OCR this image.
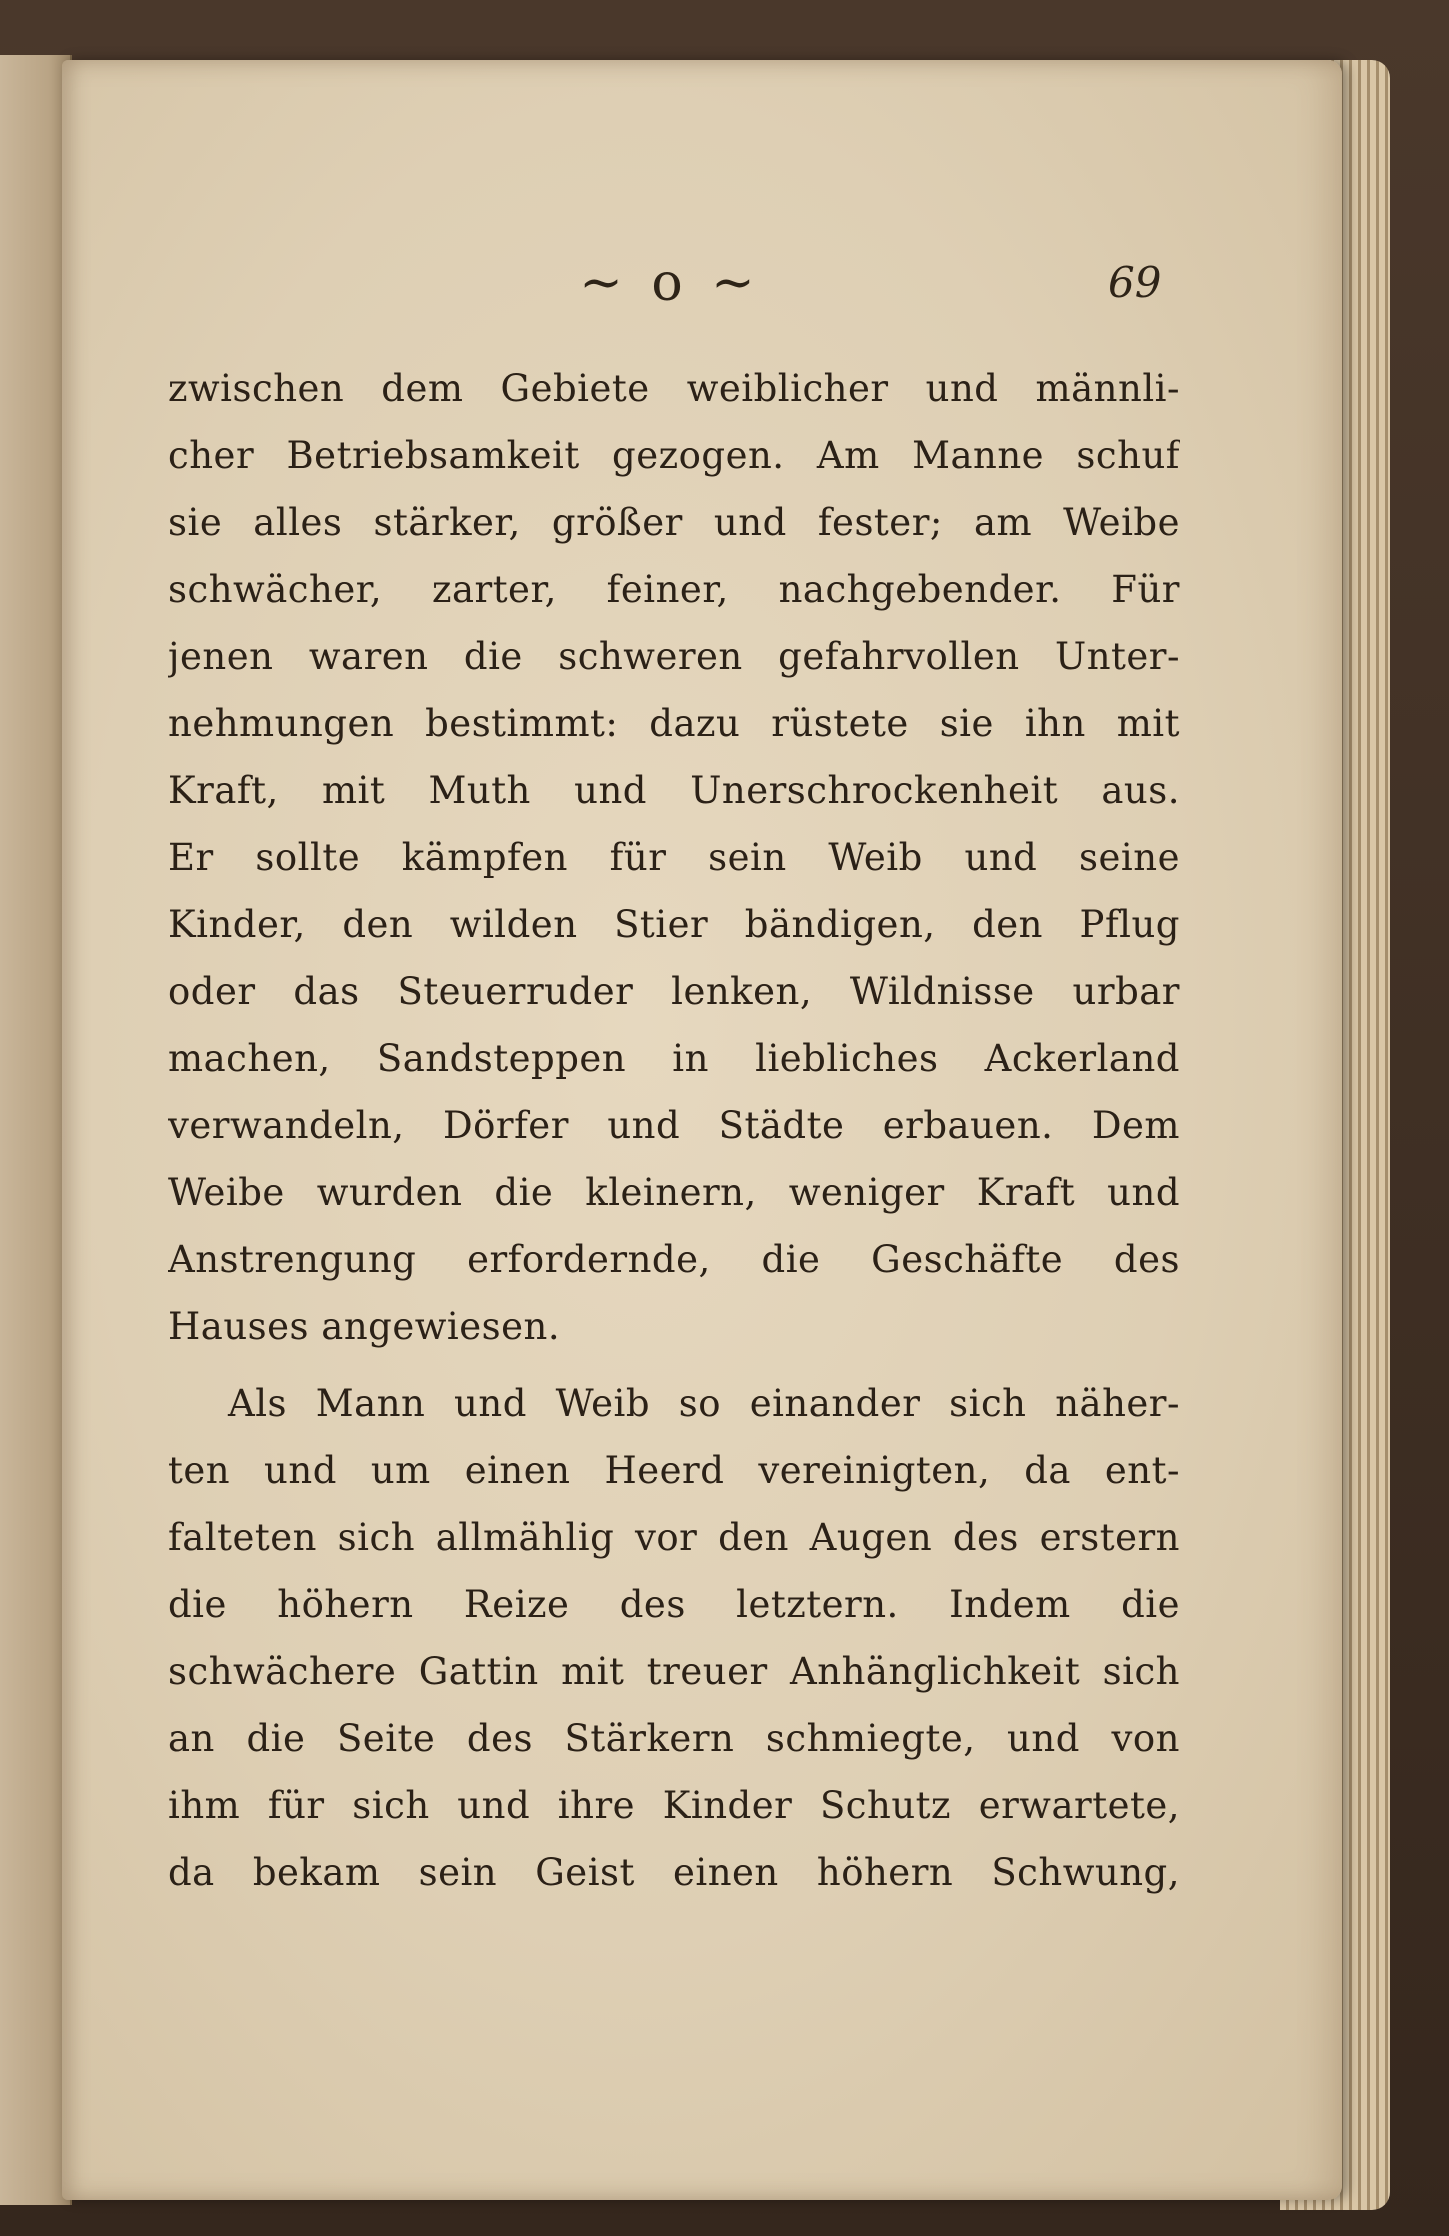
~ o ~	69
zwischen dem Gebiete weiblicher und männli-
cher Betriebsamkeit gezogen. Am Manne schuf
sie alles stärker, größer und fester; am Weibe
schwächer, zarter, feiner, nachgebender. Für
jenen waren die schweren gefahrvollen Unter-
nehmungen bestimmt: dazu rüstete sie ihn mit
Kraft, mit Muth und Unerschrockenheit aus.
Er sollte kämpfen für sein Weib und seine
Kinder, den wilden Stier bändigen, den Pflug
oder das Steuerruder lenken, Wildnisse urbar
machen, Sandsteppen in liebliches Ackerland
verwandeln, Dörfer und Städte erbauen. Dem
Weibe wurden die kleinern, weniger Kraft und
Anstrengung erfordernde, die Geschäfte des
Hauses angewiesen.
Als Mann und Weib so einander sich näher-
ten und um einen Heerd vereinigten, da ent-
falteten sich allmählig vor den Augen des erstern
die höhern Reize des letztern. Indem die
schwächere Gattin mit treuer Anhänglichkeit sich
an die Seite des Stärkern schmiegte, und von
ihm für sich und ihre Kinder Schutz erwartete,
da bekam sein Geist einen höhern Schwung,
